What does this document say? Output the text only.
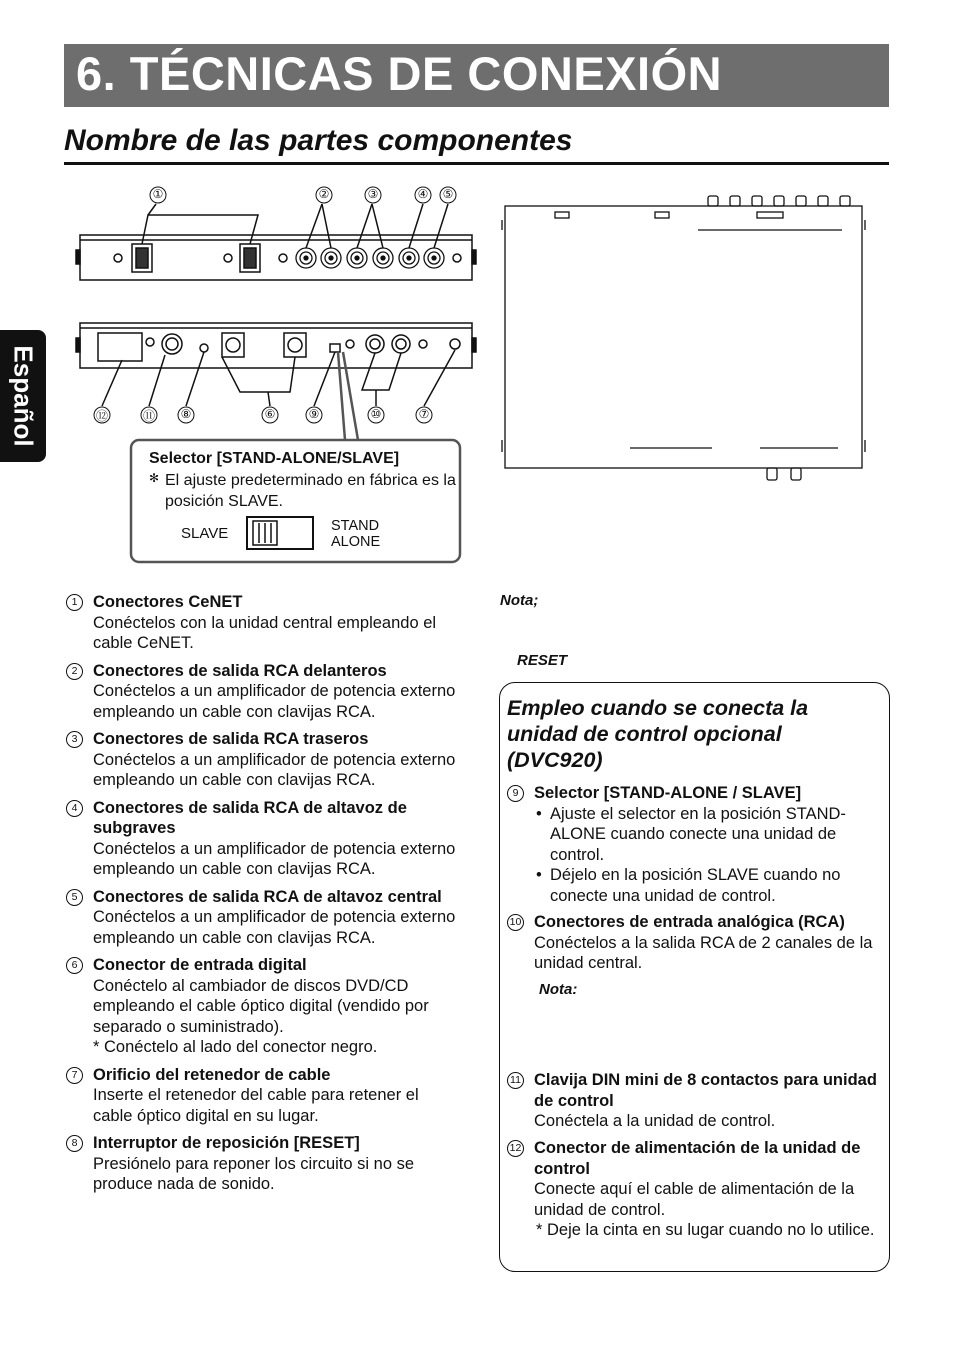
6. TÉCNICAS DE CONEXIÓN
Nombre de las partes componentes
Español
①	②	③	④ ⑤
⑫	⑪ ⑧	⑥	⑨	⑩	⑦
Selector [STAND-ALONE/SLAVE]
✻ El ajuste predeterminado en fábrica es la posición SLAVE.
SLAVE	STAND
ALONE
1 Conectores CeNET
Conéctelos con la unidad central empleando el cable CeNET.
2 Conectores de salida RCA delanteros
Conéctelos a un amplificador de potencia externo empleando un cable con clavijas RCA.
3 Conectores de salida RCA traseros
Conéctelos a un amplificador de potencia externo empleando un cable con clavijas RCA.
4 Conectores de salida RCA de altavoz de subgraves
Conéctelos a un amplificador de potencia externo empleando un cable con clavijas RCA.
5 Conectores de salida RCA de altavoz central
Conéctelos a un amplificador de potencia externo empleando un cable con clavijas RCA.
6 Conector de entrada digital
Conéctelo al cambiador de discos DVD/CD empleando el cable óptico digital (vendido por separado o suministrado).
* Conéctelo al lado del conector negro.
7 Orificio del retenedor de cable
Inserte el retenedor del cable para retener el cable óptico digital en su lugar.
8 Interruptor de reposición [RESET]
Presiónelo para reponer los circuito si no se produce nada de sonido.
Nota;
RESET
Empleo cuando se conecta la unidad de control opcional (DVC920)
9 Selector [STAND-ALONE / SLAVE]
• Ajuste el selector en la posición STAND-ALONE cuando conecte una unidad de control.
• Déjelo en la posición SLAVE cuando no conecte una unidad de control.
10 Conectores de entrada analógica (RCA)
Conéctelos a la salida RCA de 2 canales de la unidad central.
Nota:
11 Clavija DIN mini de 8 contactos para unidad de control
Conéctela a la unidad de control.
12 Conector de alimentación de la unidad de control
Conecte aquí el cable de alimentación de la unidad de control.
* Deje la cinta en su lugar cuando no lo utilice.
